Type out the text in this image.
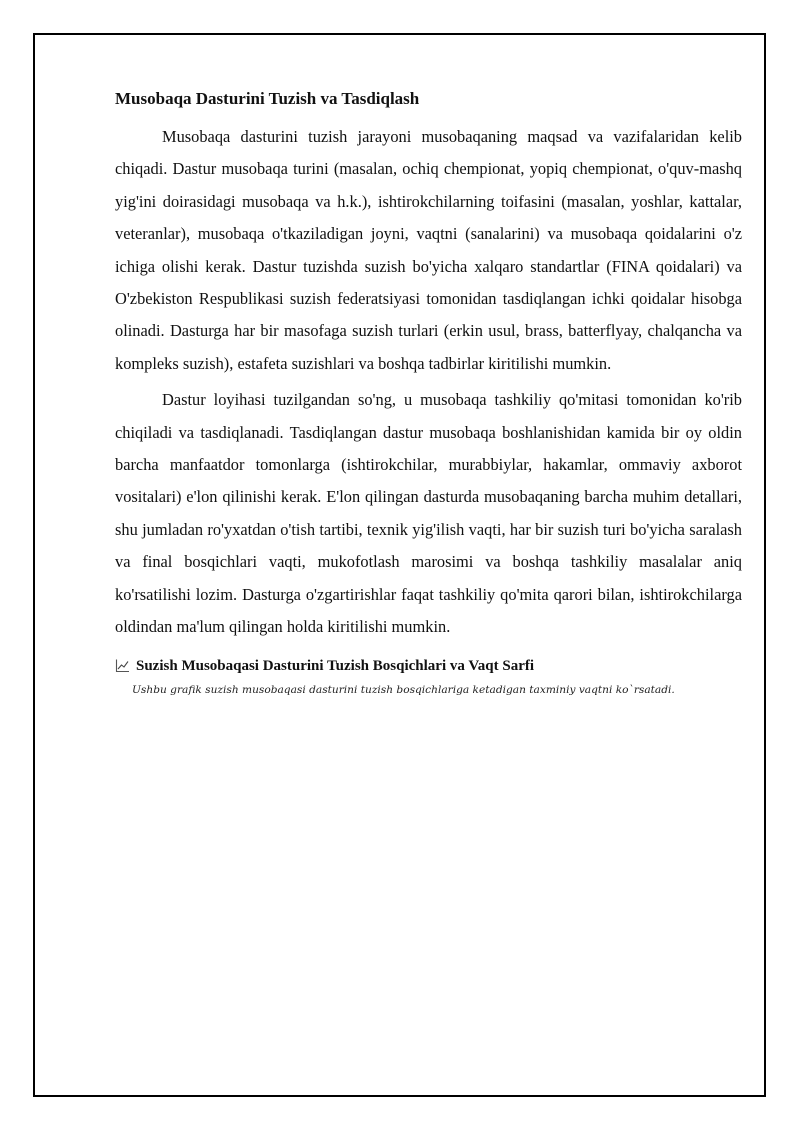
Musobaqa Dasturini Tuzish va Tasdiqlash

Musobaqa dasturini tuzish jarayoni musobaqaning maqsad va vazifalaridan kelib chiqadi. Dastur musobaqa turini (masalan, ochiq chempionat, yopiq chempionat, o'quv-mashq yig'ini doirasidagi musobaqa va h.k.), ishtirokchilarning toifasini (masalan, yoshlar, kattalar, veteranlar), musobaqa o'tkaziladigan joyni, vaqtni (sanalarini) va musobaqa qoidalarini o'z ichiga olishi kerak. Dastur tuzishda suzish bo'yicha xalqaro standartlar (FINA qoidalari) va O'zbekiston Respublikasi suzish federatsiyasi tomonidan tasdiqlangan ichki qoidalar hisobga olinadi. Dasturga har bir masofaga suzish turlari (erkin usul, brass, batterflyay, chalqancha va kompleks suzish), estafeta suzishlari va boshqa tadbirlar kiritilishi mumkin.

Dastur loyihasi tuzilgandan so'ng, u musobaqa tashkiliy qo'mitasi tomonidan ko'rib chiqiladi va tasdiqlanadi. Tasdiqlangan dastur musobaqa boshlanishidan kamida bir oy oldin barcha manfaatdor tomonlarga (ishtirokchilar, murabbiylar, hakamlar, ommaviy axborot vositalari) e'lon qilinishi kerak. E'lon qilingan dasturda musobaqaning barcha muhim detallari, shu jumladan ro'yxatdan o'tish tartibi, texnik yig'ilish vaqti, har bir suzish turi bo'yicha saralash va final bosqichlari vaqti, mukofotlash marosimi va boshqa tashkiliy masalalar aniq ko'rsatilishi lozim. Dasturga o'zgartirishlar faqat tashkiliy qo'mita qarori bilan, ishtirokchilarga oldindan ma'lum qilingan holda kiritilishi mumkin.

Suzish Musobaqasi Dasturini Tuzish Bosqichlari va Vaqt Sarfi
Ushbu grafik suzish musobaqasi dasturini tuzish bosqichlariga ketadigan taxminiy vaqtni ko`rsatadi.
